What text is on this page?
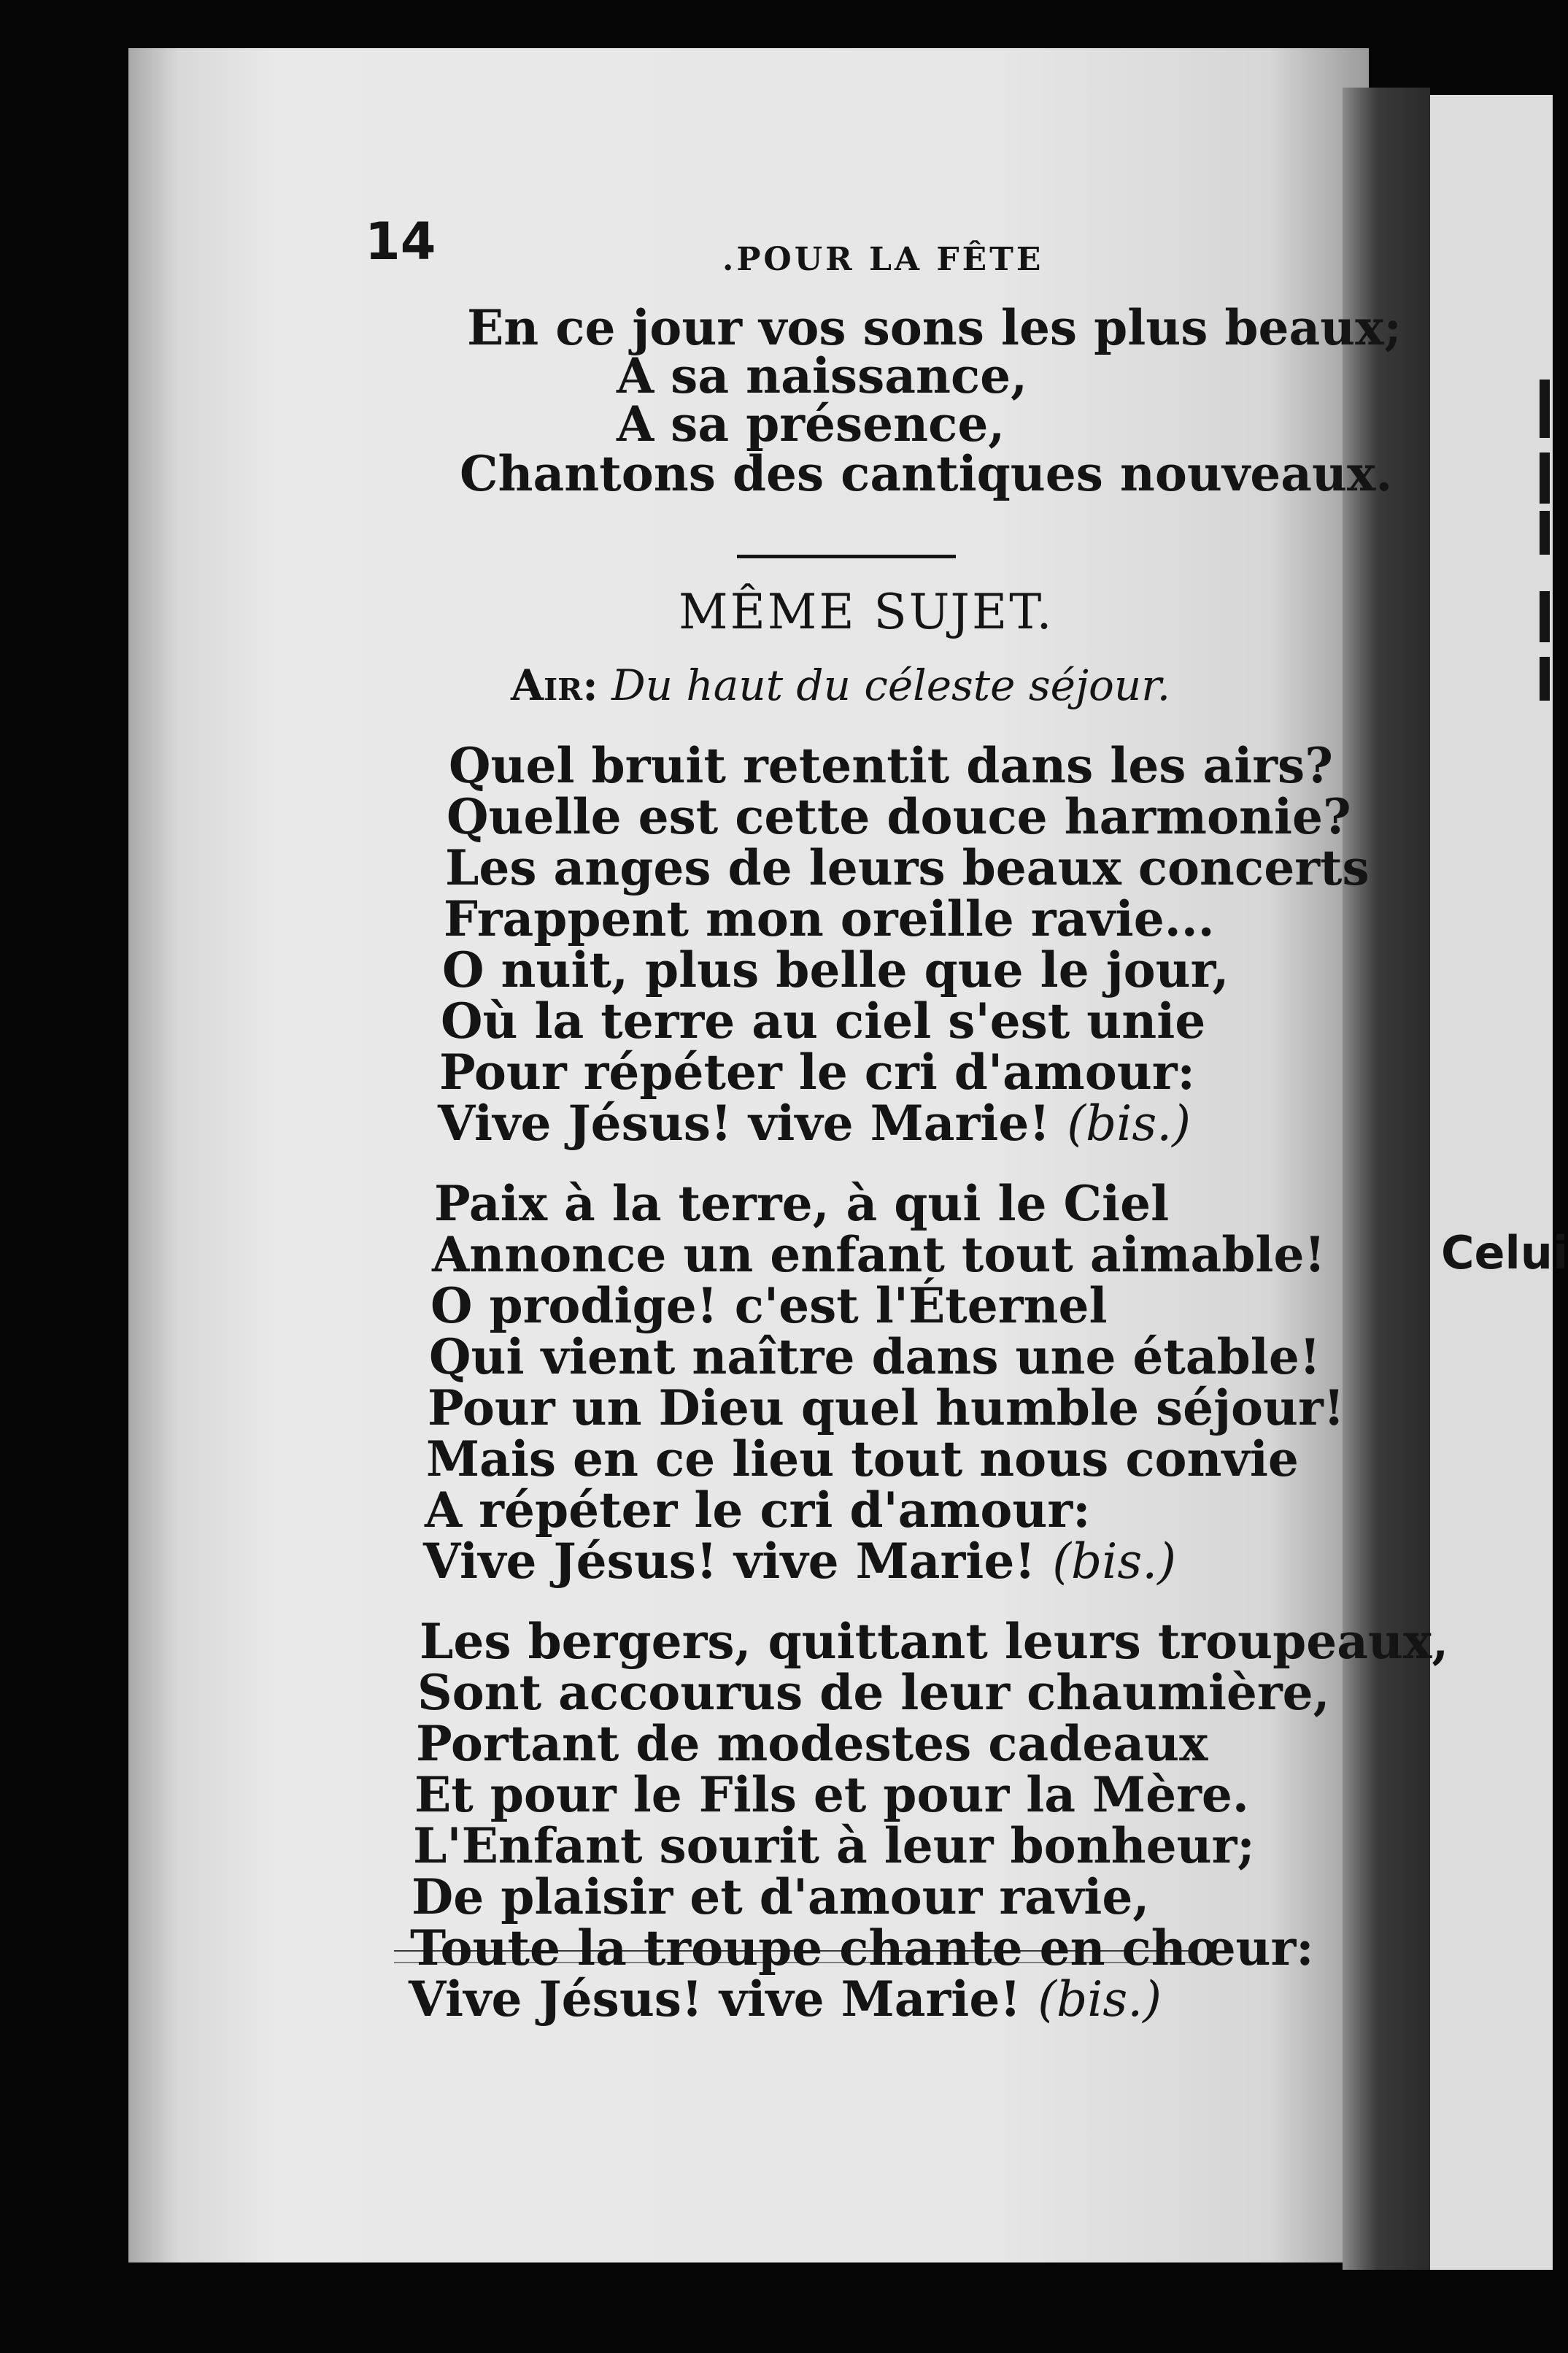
14	.POUR LA FÊTE
En ce jour vos sons les plus beaux;
A sa naissance,
A sa présence,
Chantons des cantiques nouveaux.
MÊME SUJET.
Air: Du haut du céleste séjour.
Quel bruit retentit dans les airs?
Quelle est cette douce harmonie?
Les anges de leurs beaux concerts
Frappent mon oreille ravie...
O nuit, plus belle que le jour,
Où la terre au ciel s'est unie
Pour répéter le cri d'amour:
Vive Jésus! vive Marie! (bis.)
Paix à la terre, à qui le Ciel
Annonce un enfant tout aimable!
O prodige! c'est l'Éternel
Qui vient naître dans une étable!
Pour un Dieu quel humble séjour!
Mais en ce lieu tout nous convie
A répéter le cri d'amour:
Vive Jésus! vive Marie! (bis.)
Les bergers, quittant leurs troupeaux,
Sont accourus de leur chaumière,
Portant de modestes cadeaux
Et pour le Fils et pour la Mère.
L'Enfant sourit à leur bonheur;
De plaisir et d'amour ravie,
Toute la troupe chante en chœur:
Vive Jésus! vive Marie! (bis.)
Celui
